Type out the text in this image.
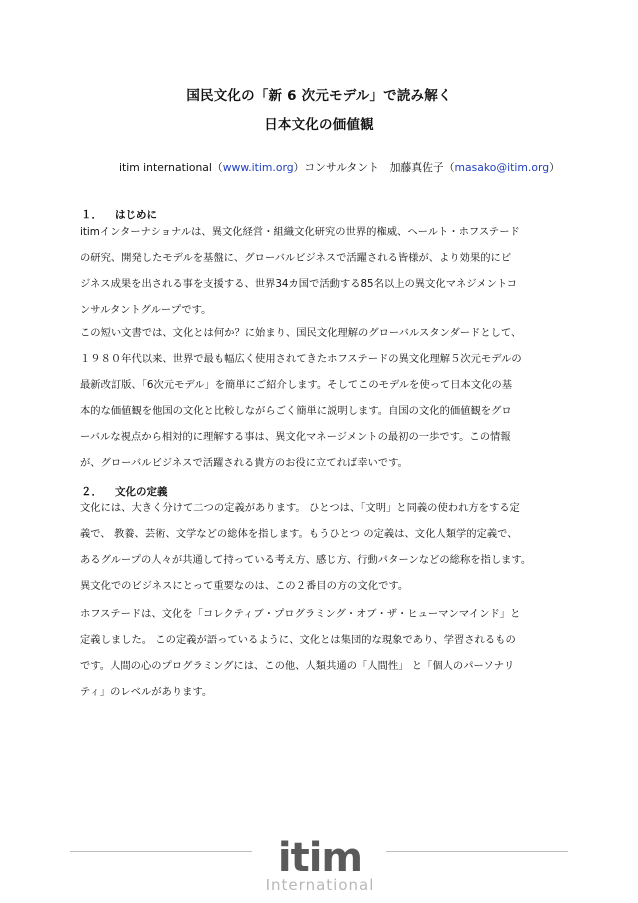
国民文化の「新 6 次元モデル」で読み解く
日本文化の価値観
itim international（www.itim.org）コンサルタント　加藤真佐子（masako@itim.org）
１． はじめに
itimインターナショナルは、異文化経営・組織文化研究の世界的権威、ヘールト・ホフステード
の研究、開発したモデルを基盤に、グローバルビジネスで活躍される皆様が、より効果的にビ
ジネス成果を出される事を支援する、世界34カ国で活動する85名以上の異文化マネジメントコ
ンサルタントグループです。
この短い文書では、文化とは何か？に始まり、国民文化理解のグローバルスタンダードとして、
１９８０年代以来、世界で最も幅広く使用されてきたホフステードの異文化理解５次元モデルの
最新改訂版、「6次元モデル」を簡単にご紹介します。そしてこのモデルを使って日本文化の基
本的な価値観を他国の文化と比較しながらごく簡単に説明します。自国の文化的価値観をグロ
ーバルな視点から相対的に理解する事は、異文化マネージメントの最初の一歩です。この情報
が、グローバルビジネスで活躍される貴方のお役に立てれば幸いです。
２． 文化の定義
文化には、大きく分けて二つの定義があります。 ひとつは、「文明」と同義の使われ方をする定
義で、 教養、芸術、文学などの総体を指します。もうひとつ の定義は、文化人類学的定義で、
あるグループの人々が共通して持っている考え方、感じ方、行動パターンなどの総称を指します。
異文化でのビジネスにとって重要なのは、この２番目の方の文化です。
ホフステードは、文化を「コレクティブ・プログラミング・オブ・ザ・ヒューマンマインド」と
定義しました。 この定義が語っているように、文化とは集団的な現象であり、学習されるもの
です。人間の心のプログラミングには、この他、人類共通の「人間性」 と「個人のパーソナリ
ティ」のレベルがあります。
itim
International
